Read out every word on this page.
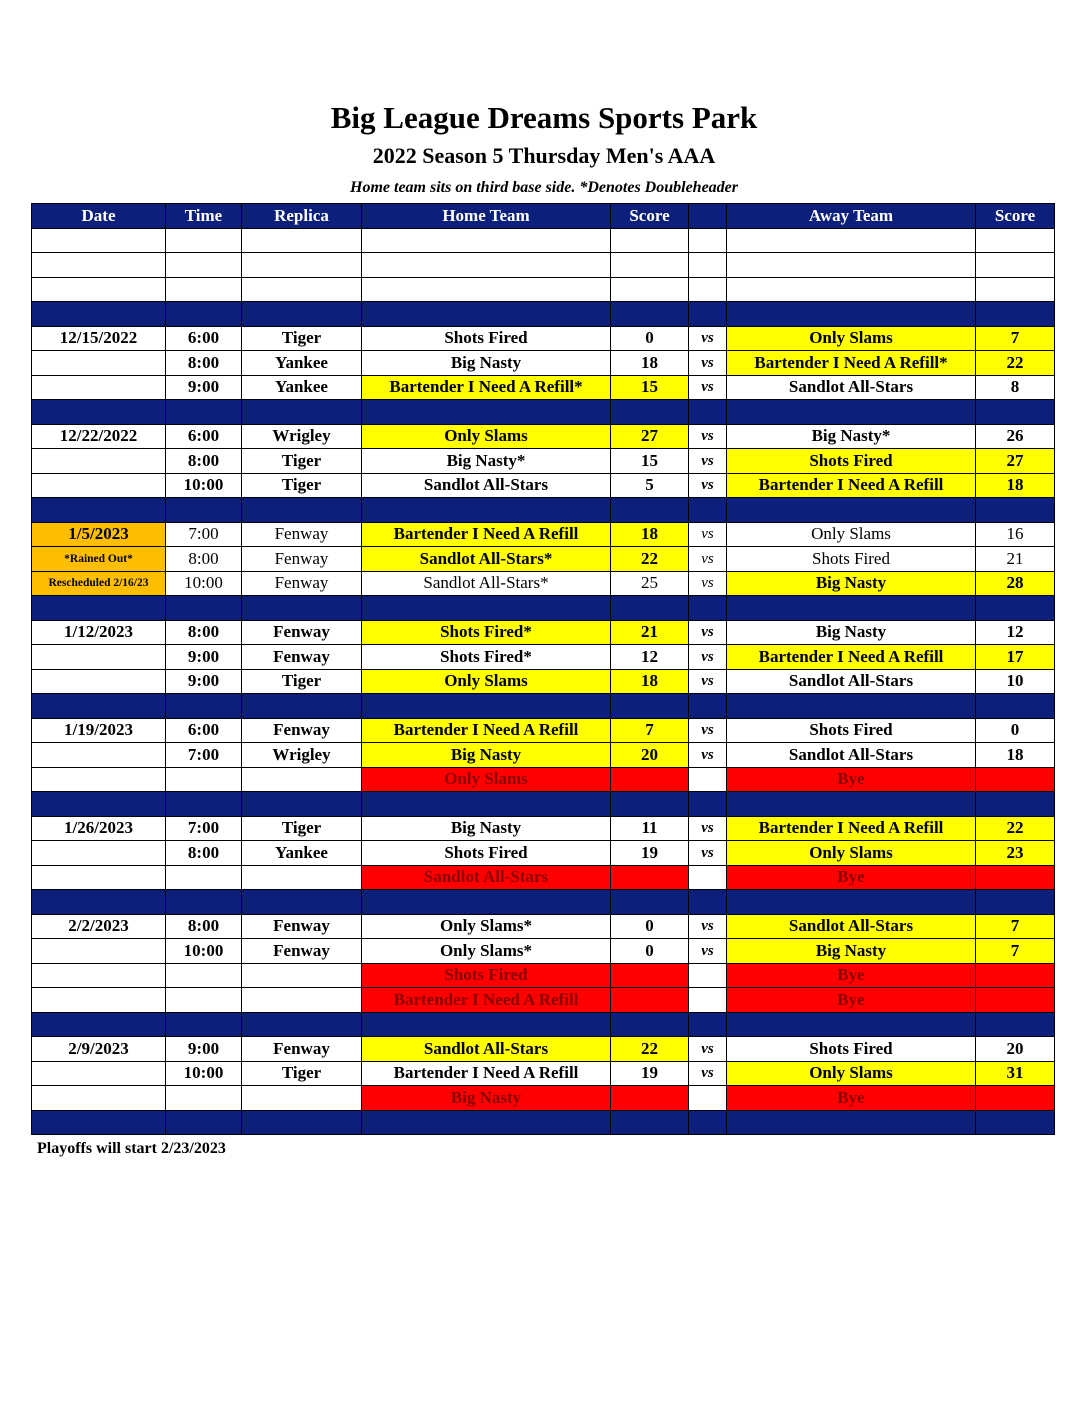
Big League Dreams Sports Park
2022 Season 5 Thursday Men's AAA
Home team sits on third base side. *Denotes Doubleheader
Date	Time	Replica	Home Team	Score		Away Team	Score

12/15/2022	6:00	Tiger	Shots Fired	0	vs	Only Slams	7
	8:00	Yankee	Big Nasty	18	vs	Bartender I Need A Refill*	22
	9:00	Yankee	Bartender I Need A Refill*	15	vs	Sandlot All-Stars	8

12/22/2022	6:00	Wrigley	Only Slams	27	vs	Big Nasty*	26
	8:00	Tiger	Big Nasty*	15	vs	Shots Fired	27
	10:00	Tiger	Sandlot All-Stars	5	vs	Bartender I Need A Refill	18

1/5/2023	7:00	Fenway	Bartender I Need A Refill	18	vs	Only Slams	16
*Rained Out*	8:00	Fenway	Sandlot All-Stars*	22	vs	Shots Fired	21
Rescheduled 2/16/23	10:00	Fenway	Sandlot All-Stars*	25	vs	Big Nasty	28

1/12/2023	8:00	Fenway	Shots Fired*	21	vs	Big Nasty	12
	9:00	Fenway	Shots Fired*	12	vs	Bartender I Need A Refill	17
	9:00	Tiger	Only Slams	18	vs	Sandlot All-Stars	10

1/19/2023	6:00	Fenway	Bartender I Need A Refill	7	vs	Shots Fired	0
	7:00	Wrigley	Big Nasty	20	vs	Sandlot All-Stars	18
			Only Slams			Bye	

1/26/2023	7:00	Tiger	Big Nasty	11	vs	Bartender I Need A Refill	22
	8:00	Yankee	Shots Fired	19	vs	Only Slams	23
			Sandlot All-Stars			Bye	

2/2/2023	8:00	Fenway	Only Slams*	0	vs	Sandlot All-Stars	7
	10:00	Fenway	Only Slams*	0	vs	Big Nasty	7
			Shots Fired			Bye	
			Bartender I Need A Refill			Bye	

2/9/2023	9:00	Fenway	Sandlot All-Stars	22	vs	Shots Fired	20
	10:00	Tiger	Bartender I Need A Refill	19	vs	Only Slams	31
			Big Nasty			Bye	

Playoffs will start 2/23/2023
